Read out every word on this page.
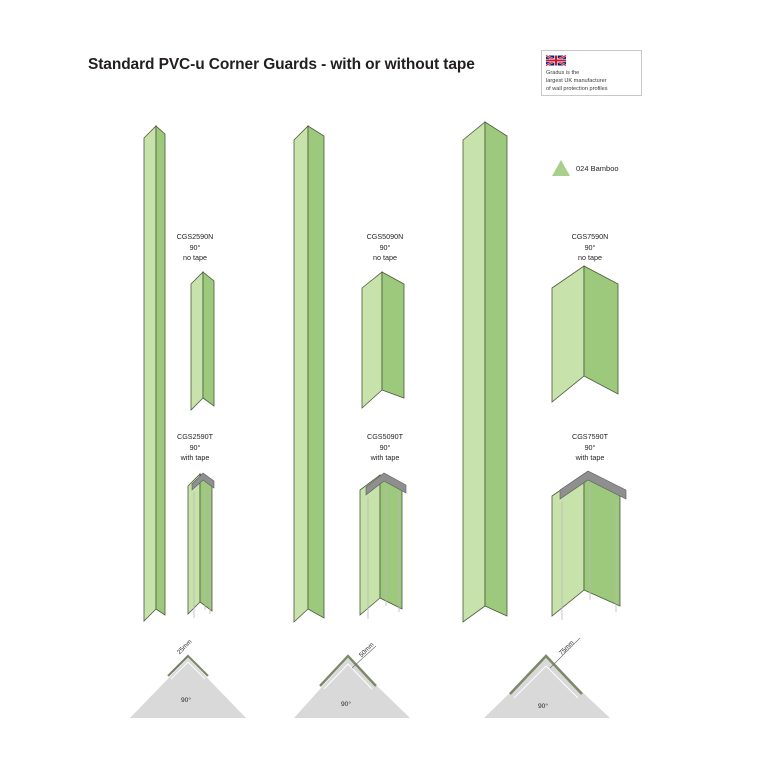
Standard PVC-u Corner Guards - with or without tape	Gradus is the
largest UK manufacturer
of wall protection profiles
024 Bamboo
CGS2590N
90°
no tape
CGS2590T
90°
with tape
25mm
90°
CGS5090N
90°
no tape
CGS5090T
90°
with tape
50mm
90°
CGS7590N
90°
no tape
CGS7590T
90°
with tape
75mm
90°
